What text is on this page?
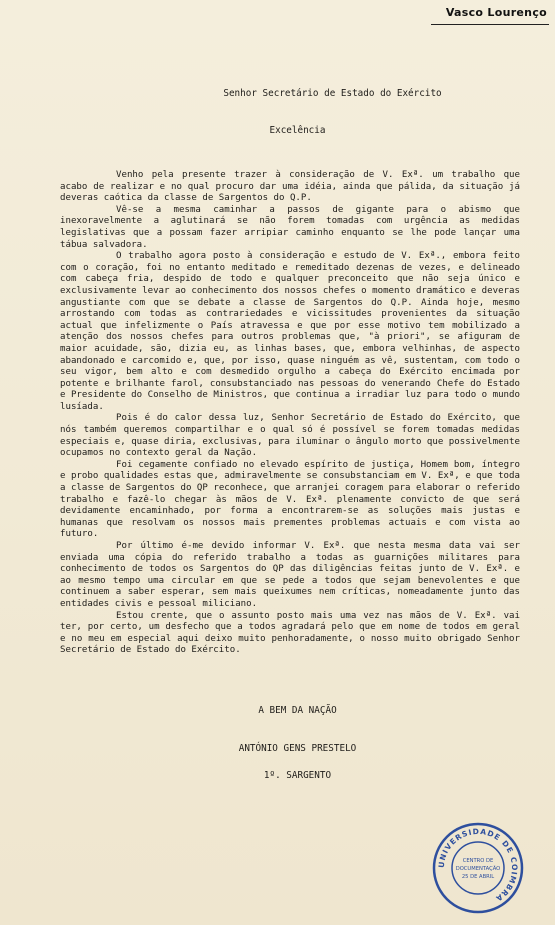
Vasco Lourenço
Senhor Secretário de Estado do Exército
Excelência

Venho pela presente trazer à consideração de V. Exª. um trabalho que acabo de realizar e no qual procuro dar uma idéia, ainda que pálida, da situação já deveras caótica da classe de Sargentos do Q.P.

Vê-se a mesma caminhar a passos de gigante para o abismo que inexoravelmente a aglutinará se não forem tomadas com urgência as medidas legislativas que a possam fazer arripiar caminho enquanto se lhe pode lançar uma tábua salvadora.

O trabalho agora posto à consideração e estudo de V. Exª., embora feito com o coração, foi no entanto meditado e remeditado dezenas de vezes, e delineado com cabeça fria, despido de todo e qualquer preconceito que não seja único e exclusivamente levar ao conhecimento dos nossos chefes o momento dramático e deveras angustiante com que se debate a classe de Sargentos do Q.P. Ainda hoje, mesmo arrostando com todas as contrariedades e vicissitudes provenientes da situação actual que infelizmente o País atravessa e que por esse motivo tem mobilizado a atenção dos nossos chefes para outros problemas que, "à priori", se afiguram de maior acuidade, são, dizia eu, as linhas bases, que, embora velhinhas, de aspecto abandonado e carcomido e, que, por isso, quase ninguém as vê, sustentam, com todo o seu vigor, bem alto e com desmedido orgulho a cabeça do Exército encimada por potente e brilhante farol, consubstanciado nas pessoas do venerando Chefe do Estado e Presidente do Conselho de Ministros, que continua a irradiar luz para todo o mundo lusíada.

Pois é do calor dessa luz, Senhor Secretário de Estado do Exército, que nós também queremos compartilhar e o qual só é possível se forem tomadas medidas especiais e, quase diria, exclusivas, para iluminar o ângulo morto que possivelmente ocupamos no contexto geral da Nação.

Foi cegamente confiado no elevado espírito de justiça, Homem bom, íntegro e probo qualidades estas que, admiravelmente se consubstanciam em V. Exª, e que toda a classe de Sargentos do QP reconhece, que arranjei coragem para elaborar o referido trabalho e fazê-lo chegar às mãos de V. Exª. plenamente convicto de que será devidamente encaminhado, por forma a encontrarem-se as soluções mais justas e humanas que resolvam os nossos mais prementes problemas actuais e com vista ao futuro.

Por último é-me devido informar V. Exª. que nesta mesma data vai ser enviada uma cópia do referido trabalho a todas as guarnições militares para conhecimento de todos os Sargentos do QP das diligências feitas junto de V. Exª. e ao mesmo tempo uma circular em que se pede a todos que sejam benevolentes e que continuem a saber esperar, sem mais queixumes nem críticas, nomeadamente junto das entidades civis e pessoal miliciano.

Estou crente, que o assunto posto mais uma vez nas mãos de V. Exª. vai ter, por certo, um desfecho que a todos agradará pelo que em nome de todos em geral e no meu em especial aqui deixo muito penhoradamente, o nosso muito obrigado Senhor Secretário de Estado do Exército.

A BEM DA NAÇÃO
ANTÓNIO GENS PRESTELO
1º. SARGENTO
UNIVERSIDADE DE COIMBRA
CENTRO DE
DOCUMENTAÇÃO
25 DE ABRIL
